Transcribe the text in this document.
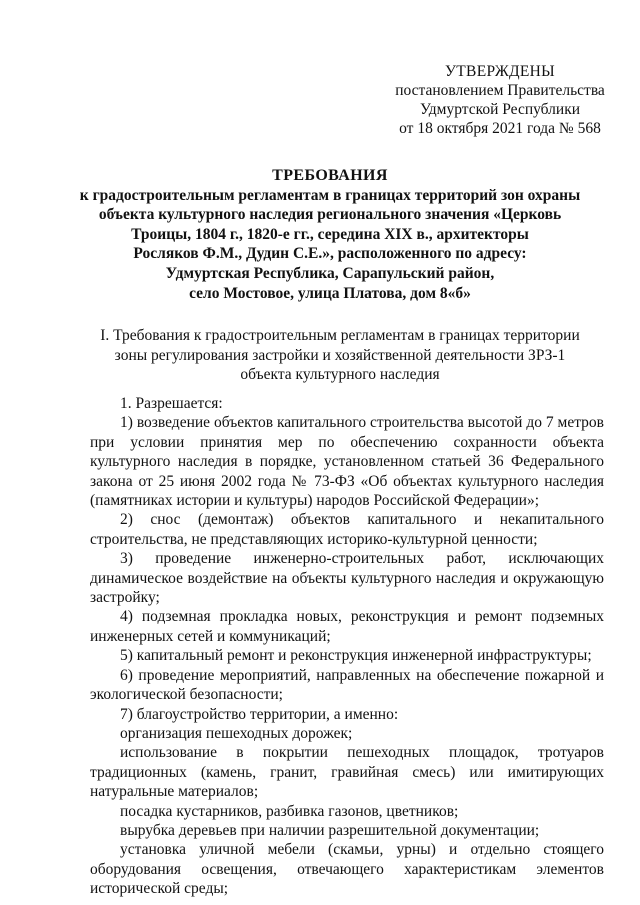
УТВЕРЖДЕНЫ
постановлением Правительства
Удмуртской Республики
от 18 октября 2021 года № 568
ТРЕБОВАНИЯ
к градостроительным регламентам в границах территорий зон охраны
объекта культурного наследия регионального значения «Церковь
Троицы, 1804 г., 1820-е гг., середина XIX в., архитекторы
Росляков Ф.М., Дудин С.Е.», расположенного по адресу:
Удмуртская Республика, Сарапульский район,
село Мостовое, улица Платова, дом 8«б»
I. Требования к градостроительным регламентам в границах территории
зоны регулирования застройки и хозяйственной деятельности ЗРЗ-1
объекта культурного наследия

1. Разрешается:

1) возведение объектов капитального строительства высотой до 7 метров при условии принятия мер по обеспечению сохранности объекта культурного наследия в порядке, установленном статьей 36 Федерального закона от 25 июня 2002 года № 73-ФЗ «Об объектах культурного наследия (памятниках истории и культуры) народов Российской Федерации»;

2) снос (демонтаж) объектов капитального и некапитального строительства, не представляющих историко-культурной ценности;

3) проведение инженерно-строительных работ, исключающих динамическое воздействие на объекты культурного наследия и окружающую застройку;

4) подземная прокладка новых, реконструкция и ремонт подземных инженерных сетей и коммуникаций;

5) капитальный ремонт и реконструкция инженерной инфраструктуры;

6) проведение мероприятий, направленных на обеспечение пожарной и экологической безопасности;

7) благоустройство территории, а именно:

организация пешеходных дорожек;

использование в покрытии пешеходных площадок, тротуаров традиционных (камень, гранит, гравийная смесь) или имитирующих натуральные материалов;

посадка кустарников, разбивка газонов, цветников;

вырубка деревьев при наличии разрешительной документации;

установка уличной мебели (скамьи, урны) и отдельно стоящего оборудования освещения, отвечающего характеристикам элементов исторической среды;
